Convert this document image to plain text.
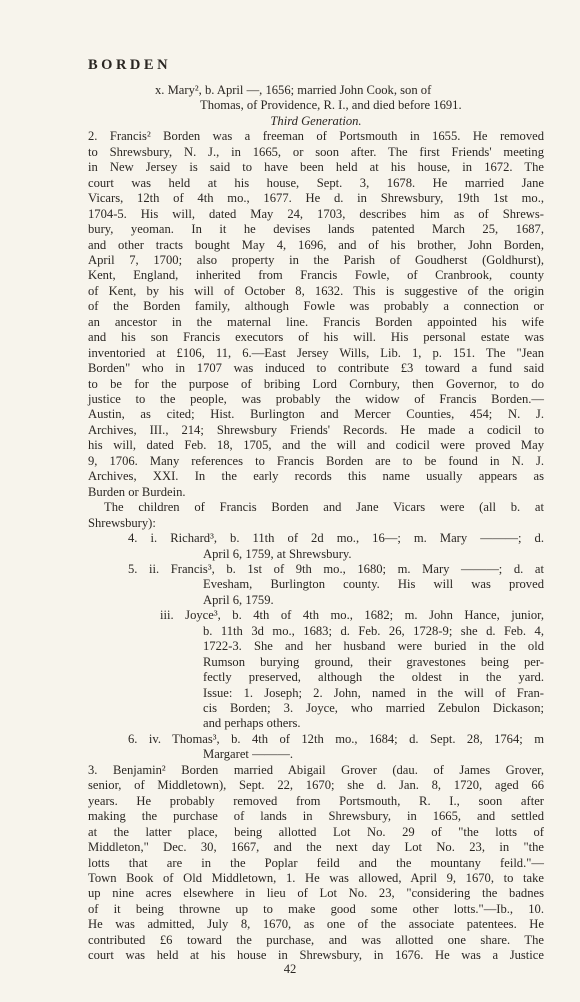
BORDEN
x. Mary², b. April —, 1656; married John Cook, son of
Thomas, of Providence, R. I., and died before 1691.
Third Generation.
2. Francis² Borden was a freeman of Portsmouth in 1655. He removed
to Shrewsbury, N. J., in 1665, or soon after. The first Friends' meeting
in New Jersey is said to have been held at his house, in 1672. The
court was held at his house, Sept. 3, 1678. He married Jane
Vicars, 12th of 4th mo., 1677. He d. in Shrewsbury, 19th 1st mo.,
1704-5. His will, dated May 24, 1703, describes him as of Shrews-
bury, yeoman. In it he devises lands patented March 25, 1687,
and other tracts bought May 4, 1696, and of his brother, John Borden,
April 7, 1700; also property in the Parish of Goudherst (Goldhurst),
Kent, England, inherited from Francis Fowle, of Cranbrook, county
of Kent, by his will of October 8, 1632. This is suggestive of the origin
of the Borden family, although Fowle was probably a connection or
an ancestor in the maternal line. Francis Borden appointed his wife
and his son Francis executors of his will. His personal estate was
inventoried at £106, 11, 6.—East Jersey Wills, Lib. 1, p. 151. The "Jean
Borden" who in 1707 was induced to contribute £3 toward a fund said
to be for the purpose of bribing Lord Cornbury, then Governor, to do
justice to the people, was probably the widow of Francis Borden.—
Austin, as cited; Hist. Burlington and Mercer Counties, 454; N. J.
Archives, III., 214; Shrewsbury Friends' Records. He made a codicil to
his will, dated Feb. 18, 1705, and the will and codicil were proved May
9, 1706. Many references to Francis Borden are to be found in N. J.
Archives, XXI. In the early records this name usually appears as
Burden or Burdein.
The children of Francis Borden and Jane Vicars were (all b. at
Shrewsbury):
4. i. Richard³, b. 11th of 2d mo., 16—; m. Mary ———; d.
April 6, 1759, at Shrewsbury.
5. ii. Francis³, b. 1st of 9th mo., 1680; m. Mary ———; d. at
Evesham, Burlington county. His will was proved
April 6, 1759.
iii. Joyce³, b. 4th of 4th mo., 1682; m. John Hance, junior,
b. 11th 3d mo., 1683; d. Feb. 26, 1728-9; she d. Feb. 4,
1722-3. She and her husband were buried in the old
Rumson burying ground, their gravestones being per-
fectly preserved, although the oldest in the yard.
Issue: 1. Joseph; 2. John, named in the will of Fran-
cis Borden; 3. Joyce, who married Zebulon Dickason;
and perhaps others.
6. iv. Thomas³, b. 4th of 12th mo., 1684; d. Sept. 28, 1764; m
Margaret ———.
3. Benjamin² Borden married Abigail Grover (dau. of James Grover,
senior, of Middletown), Sept. 22, 1670; she d. Jan. 8, 1720, aged 66
years. He probably removed from Portsmouth, R. I., soon after
making the purchase of lands in Shrewsbury, in 1665, and settled
at the latter place, being allotted Lot No. 29 of "the lotts of
Middleton," Dec. 30, 1667, and the next day Lot No. 23, in "the
lotts that are in the Poplar feild and the mountany feild."—
Town Book of Old Middletown, 1. He was allowed, April 9, 1670, to take
up nine acres elsewhere in lieu of Lot No. 23, "considering the badnes
of it being throwne up to make good some other lotts."—Ib., 10.
He was admitted, July 8, 1670, as one of the associate patentees. He
contributed £6 toward the purchase, and was allotted one share. The
court was held at his house in Shrewsbury, in 1676. He was a Justice
42
